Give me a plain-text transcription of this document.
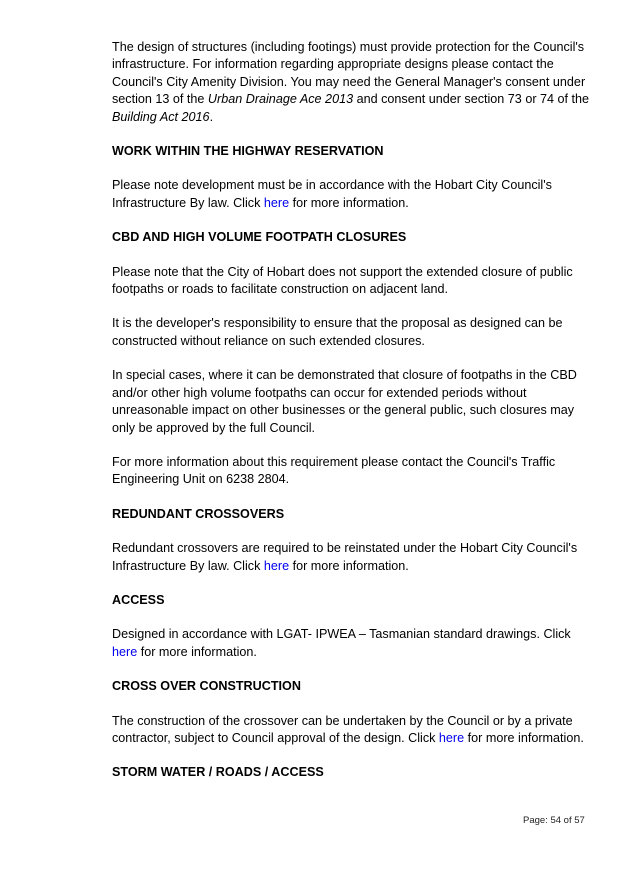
The design of structures (including footings) must provide protection for the Council's infrastructure. For information regarding appropriate designs please contact the Council's City Amenity Division. You may need the General Manager's consent under section 13 of the Urban Drainage Ace 2013 and consent under section 73 or 74 of the Building Act 2016.

WORK WITHIN THE HIGHWAY RESERVATION

Please note development must be in accordance with the Hobart City Council's Infrastructure By law. Click here for more information.

CBD AND HIGH VOLUME FOOTPATH CLOSURES

Please note that the City of Hobart does not support the extended closure of public footpaths or roads to facilitate construction on adjacent land.

It is the developer's responsibility to ensure that the proposal as designed can be constructed without reliance on such extended closures.

In special cases, where it can be demonstrated that closure of footpaths in the CBD and/or other high volume footpaths can occur for extended periods without unreasonable impact on other businesses or the general public, such closures may only be approved by the full Council.

For more information about this requirement please contact the Council's Traffic Engineering Unit on 6238 2804.

REDUNDANT CROSSOVERS

Redundant crossovers are required to be reinstated under the Hobart City Council's Infrastructure By law. Click here for more information.

ACCESS

Designed in accordance with LGAT- IPWEA – Tasmanian standard drawings. Click here for more information.

CROSS OVER CONSTRUCTION

The construction of the crossover can be undertaken by the Council or by a private contractor, subject to Council approval of the design. Click here for more information.

STORM WATER / ROADS / ACCESS
Page: 54 of 57
